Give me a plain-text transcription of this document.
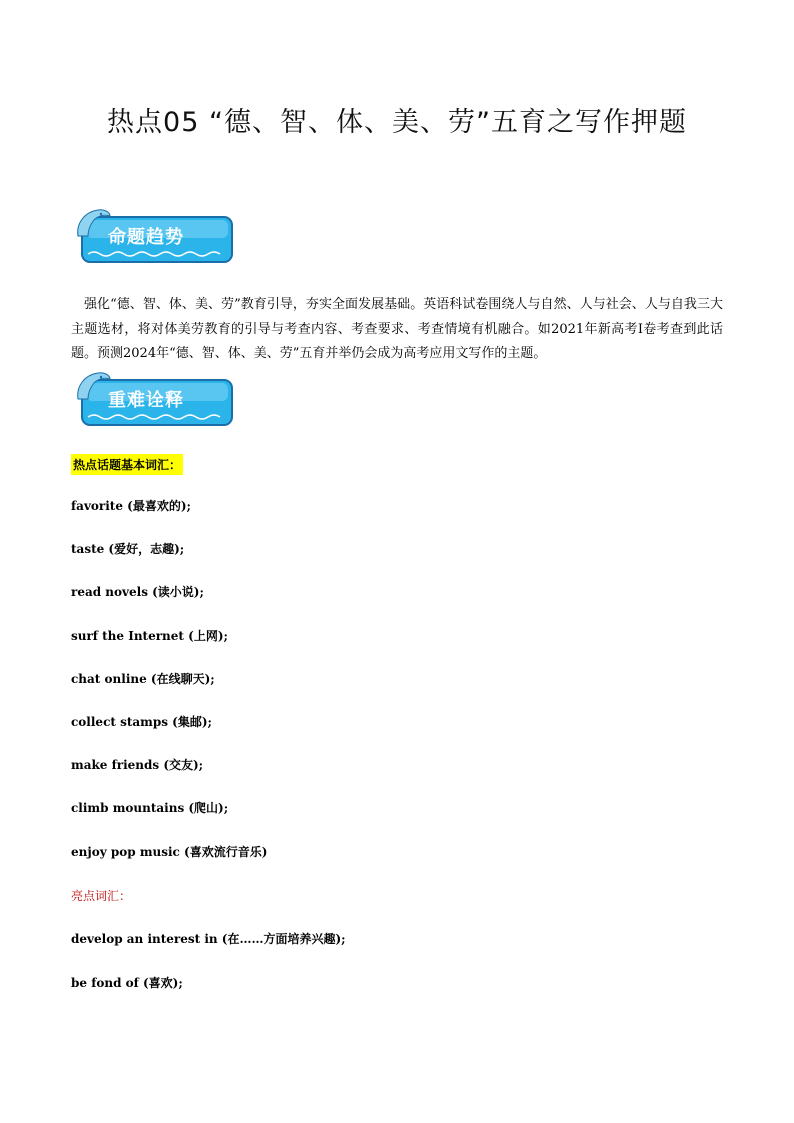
热点05 “德、智、体、美、劳”五育之写作押题
命题趋势

强化“德、智、体、美、劳”教育引导，夯实全面发展基础。英语科试卷围绕人与自然、人与社会、人与自我三大主题选材，将对体美劳教育的引导与考查内容、考查要求、考查情境有机融合。如2021年新高考I卷考查到此话题。预测2024年“德、智、体、美、劳”五育并举仍会成为高考应用文写作的主题。

重难诠释
热点话题基本词汇：
favorite (最喜欢的);
taste (爱好，志趣);
read novels (读小说);
surf the Internet (上网);
chat online (在线聊天);
collect stamps (集邮);
make friends (交友);
climb mountains (爬山);
enjoy pop music (喜欢流行音乐)
亮点词汇：
develop an interest in (在……方面培养兴趣);
be fond of (喜欢);
